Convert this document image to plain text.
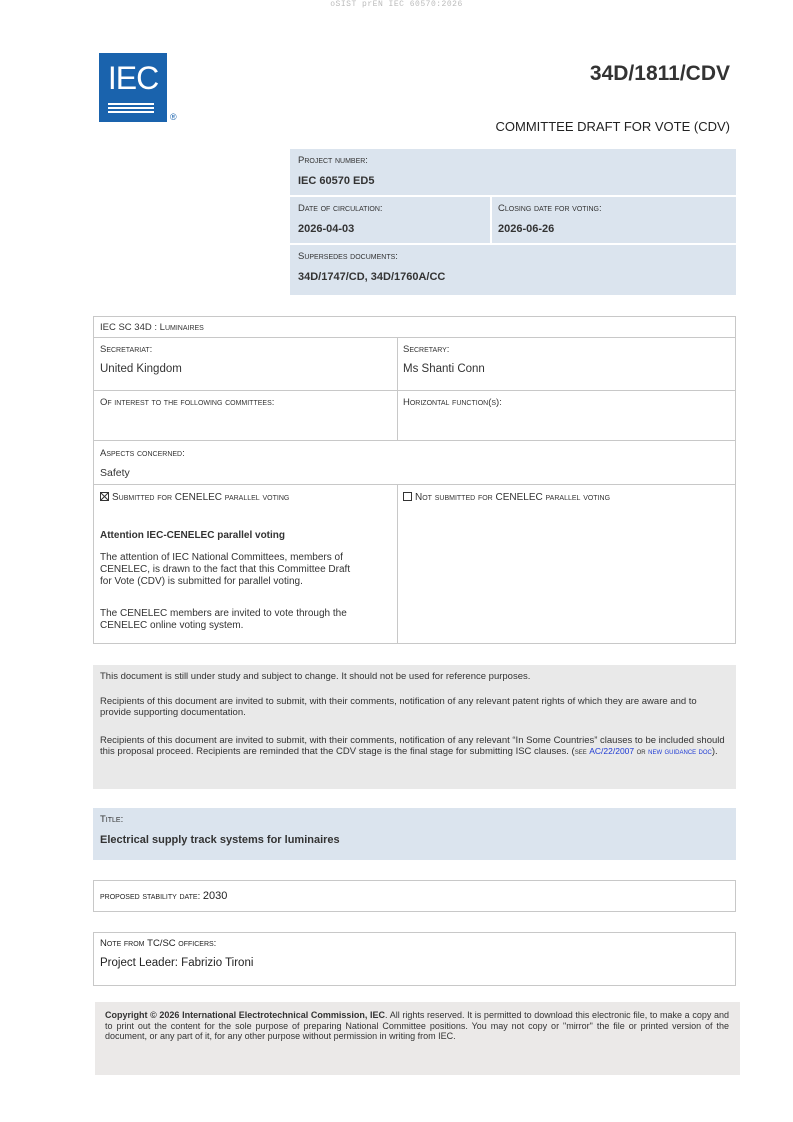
oSIST prEN IEC 60570:2026
IEC
®
34D/1811/CDV
COMMITTEE DRAFT FOR VOTE (CDV)
Project number:
IEC 60570 ED5
Date of circulation:
2026-04-03
Closing date for voting:
2026-06-26
Supersedes documents:
34D/1747/CD, 34D/1760A/CC
IEC SC 34D : Luminaires
Secretariat:
United Kingdom
Secretary:
Ms Shanti Conn
Of interest to the following committees:	Horizontal function(s):
Aspects concerned:
Safety
Submitted for CENELEC parallel voting	Not submitted for CENELEC parallel voting
Attention IEC-CENELEC parallel voting
The attention of IEC National Committees, members of
CENELEC, is drawn to the fact that this Committee Draft
for Vote (CDV) is submitted for parallel voting.
The CENELEC members are invited to vote through the
CENELEC online voting system.

This document is still under study and subject to change. It should not be used for reference purposes.

Recipients of this document are invited to submit, with their comments, notification of any relevant patent rights of which they are aware and to provide supporting documentation.

Recipients of this document are invited to submit, with their comments, notification of any relevant “In Some Countries” clauses to be included should this proposal proceed. Recipients are reminded that the CDV stage is the final stage for submitting ISC clauses. (see AC/22/2007 or new guidance doc).

Title:
Electrical supply track systems for luminaires
proposed stability date: 2030
Note from TC/SC officers:
Project Leader: Fabrizio Tironi

Copyright © 2026 International Electrotechnical Commission, IEC. All rights reserved. It is permitted to download this electronic file, to make a copy and to print out the content for the sole purpose of preparing National Committee positions. You may not copy or "mirror" the file or printed version of the document, or any part of it, for any other purpose without permission in writing from IEC.
